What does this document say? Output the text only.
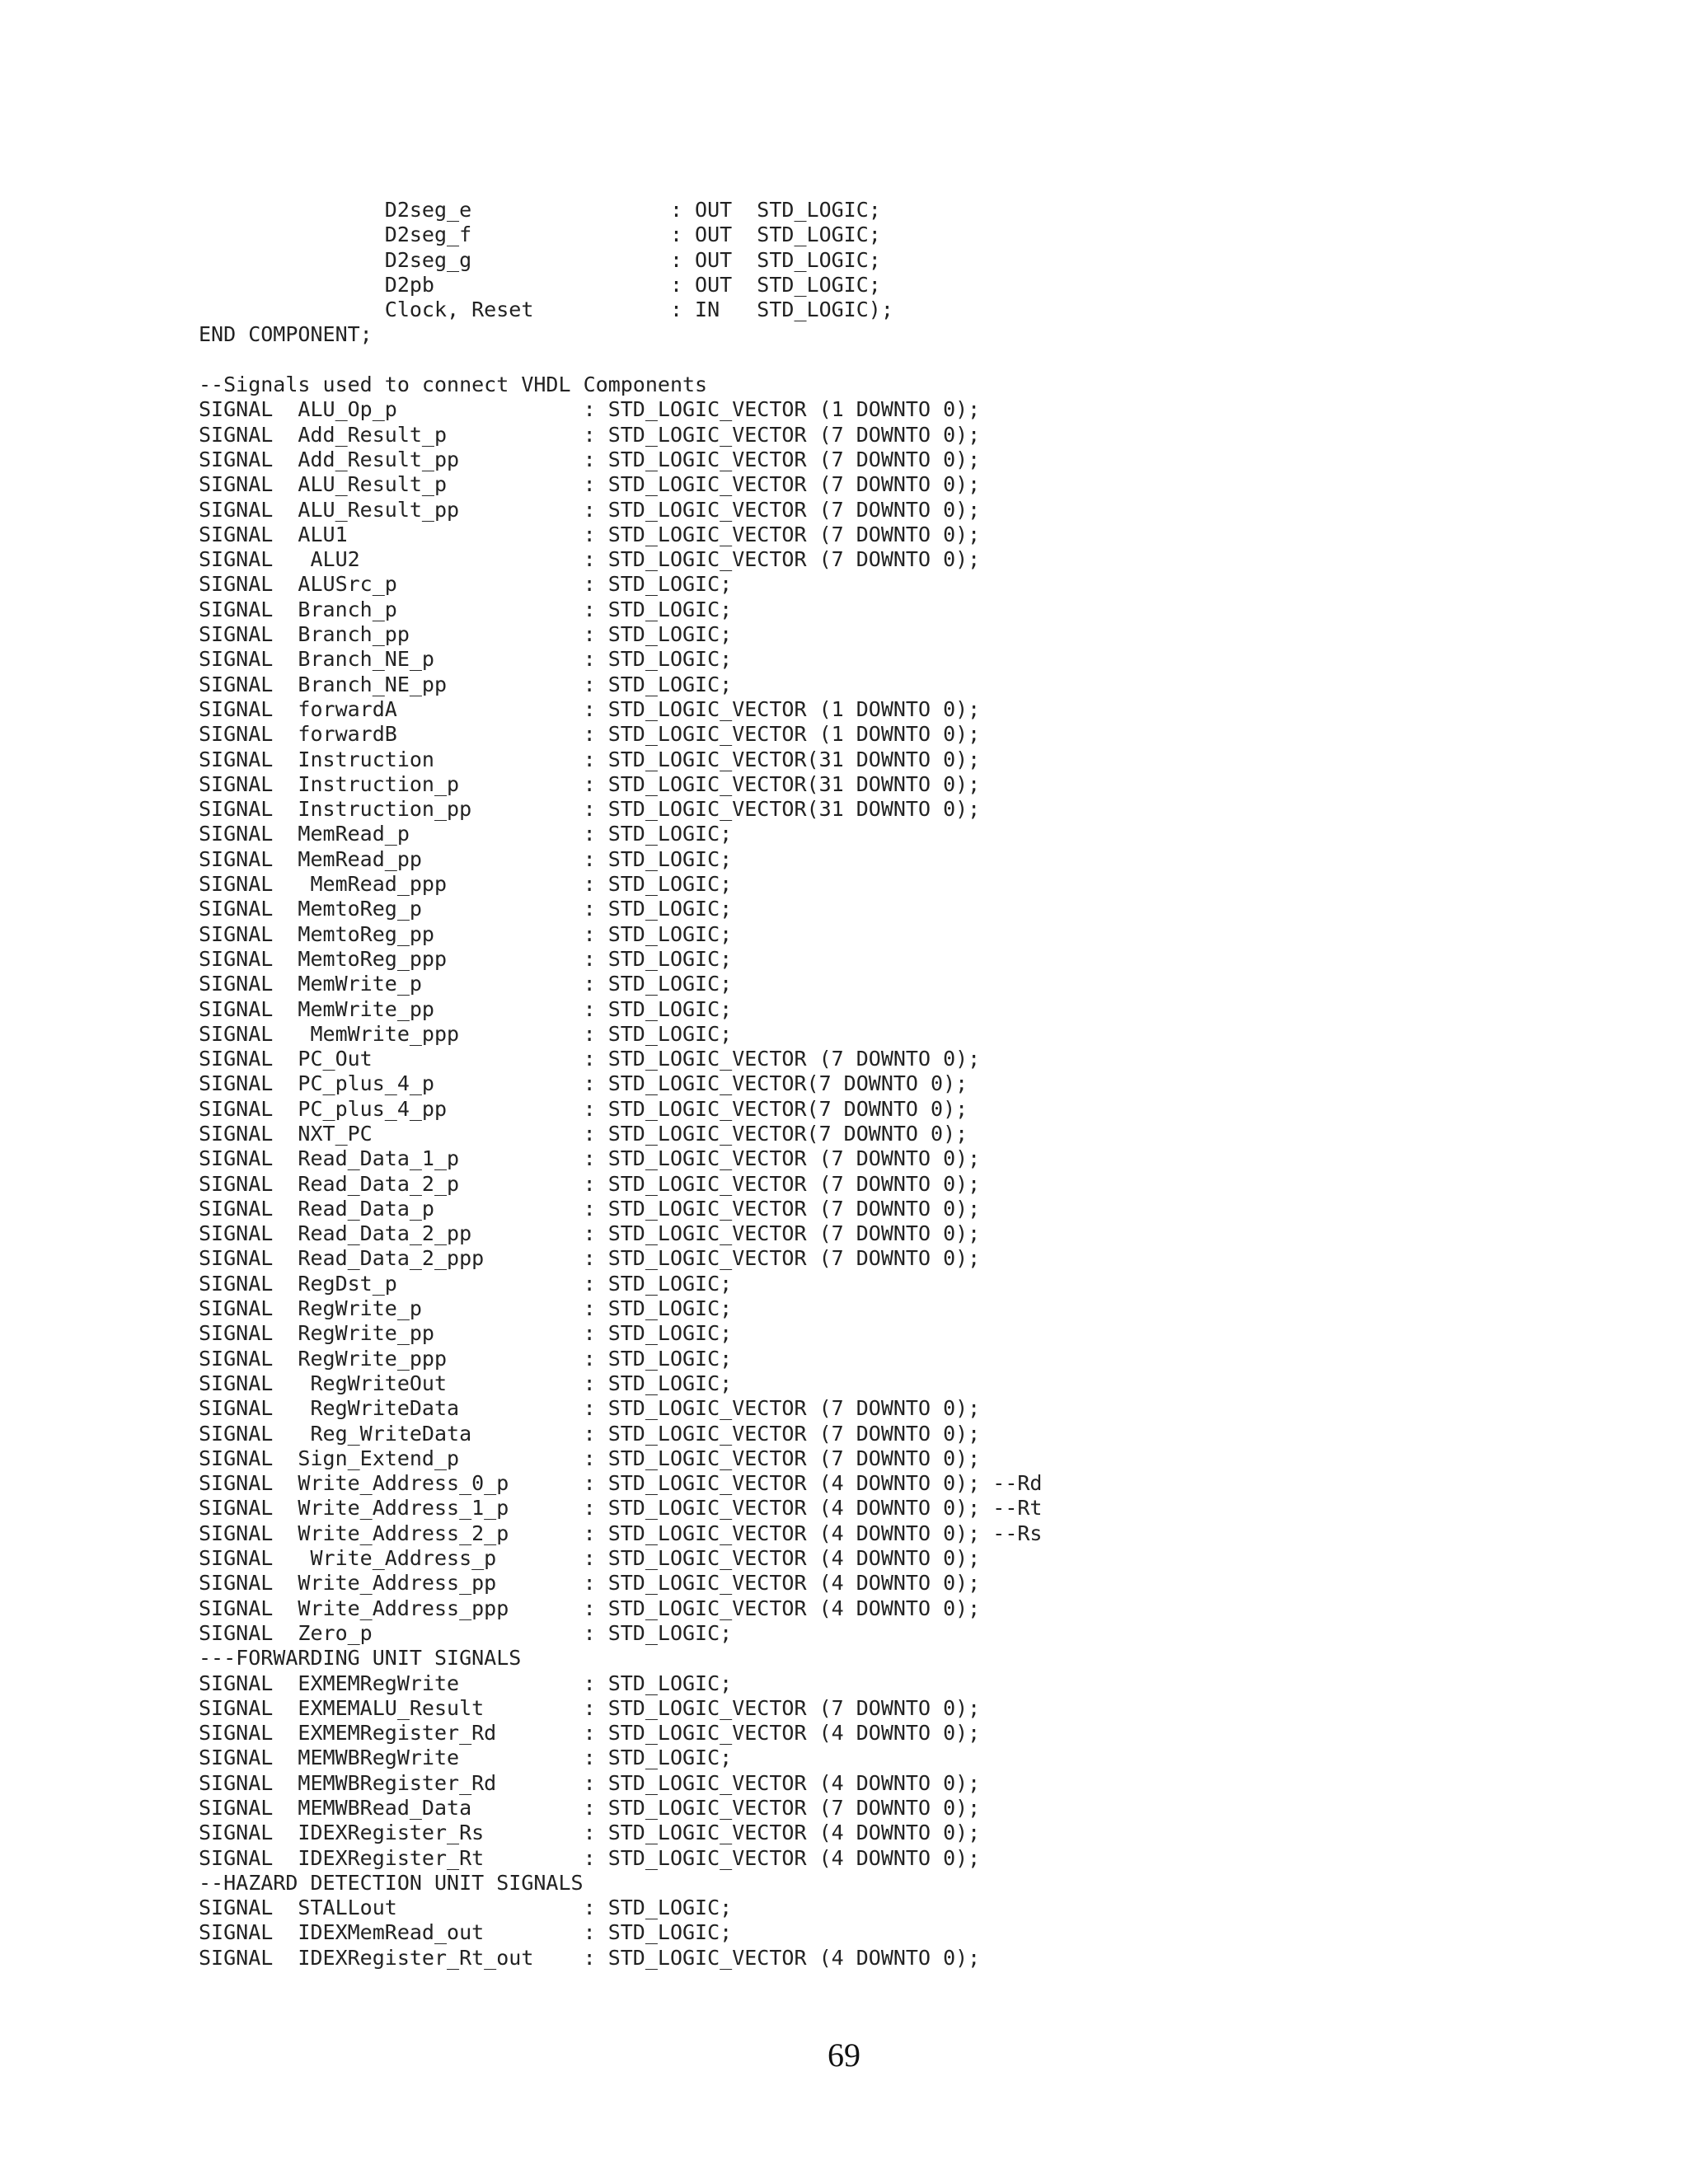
D2seg_e                : OUT  STD_LOGIC;
D2seg_f                : OUT  STD_LOGIC;
D2seg_g                : OUT  STD_LOGIC;
D2pb                   : OUT  STD_LOGIC;
Clock, Reset           : IN   STD_LOGIC);
END COMPONENT;
--Signals used to connect VHDL Components
SIGNAL  ALU_Op_p               : STD_LOGIC_VECTOR (1 DOWNTO 0);
SIGNAL  Add_Result_p           : STD_LOGIC_VECTOR (7 DOWNTO 0);
SIGNAL  Add_Result_pp          : STD_LOGIC_VECTOR (7 DOWNTO 0);
SIGNAL  ALU_Result_p           : STD_LOGIC_VECTOR (7 DOWNTO 0);
SIGNAL  ALU_Result_pp          : STD_LOGIC_VECTOR (7 DOWNTO 0);
SIGNAL  ALU1                   : STD_LOGIC_VECTOR (7 DOWNTO 0);
SIGNAL   ALU2                  : STD_LOGIC_VECTOR (7 DOWNTO 0);
SIGNAL  ALUSrc_p               : STD_LOGIC;
SIGNAL  Branch_p               : STD_LOGIC;
SIGNAL  Branch_pp              : STD_LOGIC;
SIGNAL  Branch_NE_p            : STD_LOGIC;
SIGNAL  Branch_NE_pp           : STD_LOGIC;
SIGNAL  forwardA               : STD_LOGIC_VECTOR (1 DOWNTO 0);
SIGNAL  forwardB               : STD_LOGIC_VECTOR (1 DOWNTO 0);
SIGNAL  Instruction            : STD_LOGIC_VECTOR(31 DOWNTO 0);
SIGNAL  Instruction_p          : STD_LOGIC_VECTOR(31 DOWNTO 0);
SIGNAL  Instruction_pp         : STD_LOGIC_VECTOR(31 DOWNTO 0);
SIGNAL  MemRead_p              : STD_LOGIC;
SIGNAL  MemRead_pp             : STD_LOGIC;
SIGNAL   MemRead_ppp           : STD_LOGIC;
SIGNAL  MemtoReg_p             : STD_LOGIC;
SIGNAL  MemtoReg_pp            : STD_LOGIC;
SIGNAL  MemtoReg_ppp           : STD_LOGIC;
SIGNAL  MemWrite_p             : STD_LOGIC;
SIGNAL  MemWrite_pp            : STD_LOGIC;
SIGNAL   MemWrite_ppp          : STD_LOGIC;
SIGNAL  PC_Out                 : STD_LOGIC_VECTOR (7 DOWNTO 0);
SIGNAL  PC_plus_4_p            : STD_LOGIC_VECTOR(7 DOWNTO 0);
SIGNAL  PC_plus_4_pp           : STD_LOGIC_VECTOR(7 DOWNTO 0);
SIGNAL  NXT_PC                 : STD_LOGIC_VECTOR(7 DOWNTO 0);
SIGNAL  Read_Data_1_p          : STD_LOGIC_VECTOR (7 DOWNTO 0);
SIGNAL  Read_Data_2_p          : STD_LOGIC_VECTOR (7 DOWNTO 0);
SIGNAL  Read_Data_p            : STD_LOGIC_VECTOR (7 DOWNTO 0);
SIGNAL  Read_Data_2_pp         : STD_LOGIC_VECTOR (7 DOWNTO 0);
SIGNAL  Read_Data_2_ppp        : STD_LOGIC_VECTOR (7 DOWNTO 0);
SIGNAL  RegDst_p               : STD_LOGIC;
SIGNAL  RegWrite_p             : STD_LOGIC;
SIGNAL  RegWrite_pp            : STD_LOGIC;
SIGNAL  RegWrite_ppp           : STD_LOGIC;
SIGNAL   RegWriteOut           : STD_LOGIC;
SIGNAL   RegWriteData          : STD_LOGIC_VECTOR (7 DOWNTO 0);
SIGNAL   Reg_WriteData         : STD_LOGIC_VECTOR (7 DOWNTO 0);
SIGNAL  Sign_Extend_p          : STD_LOGIC_VECTOR (7 DOWNTO 0);
SIGNAL  Write_Address_0_p      : STD_LOGIC_VECTOR (4 DOWNTO 0); --Rd
SIGNAL  Write_Address_1_p      : STD_LOGIC_VECTOR (4 DOWNTO 0); --Rt
SIGNAL  Write_Address_2_p      : STD_LOGIC_VECTOR (4 DOWNTO 0); --Rs
SIGNAL   Write_Address_p       : STD_LOGIC_VECTOR (4 DOWNTO 0);
SIGNAL  Write_Address_pp       : STD_LOGIC_VECTOR (4 DOWNTO 0);
SIGNAL  Write_Address_ppp      : STD_LOGIC_VECTOR (4 DOWNTO 0);
SIGNAL  Zero_p                 : STD_LOGIC;
---FORWARDING UNIT SIGNALS
SIGNAL  EXMEMRegWrite          : STD_LOGIC;
SIGNAL  EXMEMALU_Result        : STD_LOGIC_VECTOR (7 DOWNTO 0);
SIGNAL  EXMEMRegister_Rd       : STD_LOGIC_VECTOR (4 DOWNTO 0);
SIGNAL  MEMWBRegWrite          : STD_LOGIC;
SIGNAL  MEMWBRegister_Rd       : STD_LOGIC_VECTOR (4 DOWNTO 0);
SIGNAL  MEMWBRead_Data         : STD_LOGIC_VECTOR (7 DOWNTO 0);
SIGNAL  IDEXRegister_Rs        : STD_LOGIC_VECTOR (4 DOWNTO 0);
SIGNAL  IDEXRegister_Rt        : STD_LOGIC_VECTOR (4 DOWNTO 0);
--HAZARD DETECTION UNIT SIGNALS
SIGNAL  STALLout               : STD_LOGIC;
SIGNAL  IDEXMemRead_out        : STD_LOGIC;
SIGNAL  IDEXRegister_Rt_out    : STD_LOGIC_VECTOR (4 DOWNTO 0);
69
